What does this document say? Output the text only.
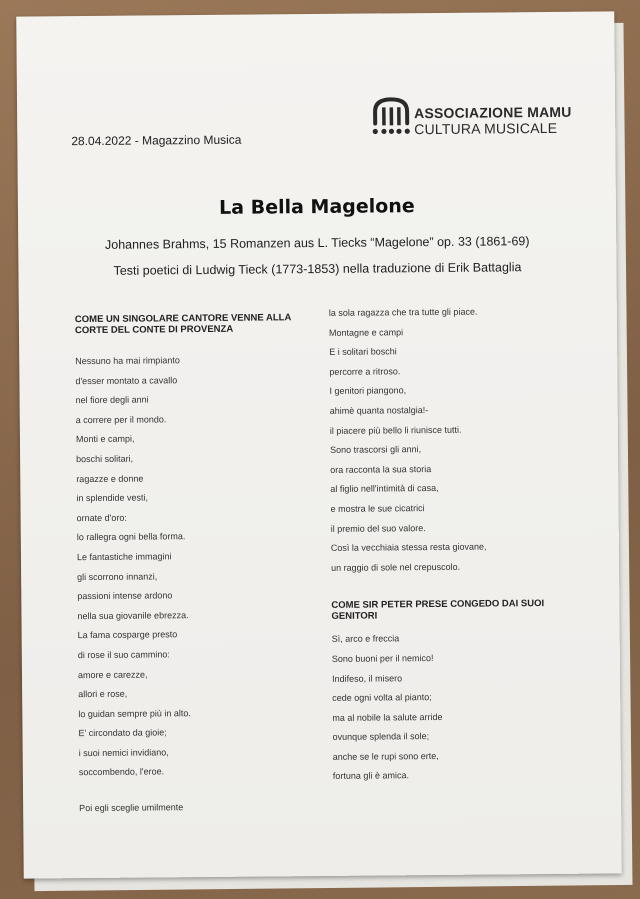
ASSOCIAZIONE MAMU
CULTURA MUSICALE
28.04.2022 - Magazzino Musica
La Bella Magelone

Johannes Brahms, 15 Romanzen aus L. Tiecks “Magelone” op. 33 (1861-69)

Testi poetici di Ludwig Tieck (1773-1853) nella traduzione di Erik Battaglia

COME UN SINGOLARE CANTORE VENNE ALLA CORTE DEL CONTE DI PROVENZA
Nessuno ha mai rimpianto
d'esser montato a cavallo
nel fiore degli anni
a correre per il mondo.
Monti e campi,
boschi solitari,
ragazze e donne
in splendide vesti,
ornate d'oro:
lo rallegra ogni bella forma.
Le fantastiche immagini
gli scorrono innanzi,
passioni intense ardono
nella sua giovanile ebrezza.
La fama cosparge presto
di rose il suo cammino:
amore e carezze,
allori e rose,
lo guidan sempre più in alto.
E' circondato da gioie;
i suoi nemici invidiano,
soccombendo, l'eroe.
Poi egli sceglie umilmente
la sola ragazza che tra tutte gli piace.
Montagne e campi
E i solitari boschi
percorre a ritroso.
I genitori piangono,
ahimè quanta nostalgia!-
il piacere più bello li riunisce tutti.
Sono trascorsi gli anni,
ora racconta la sua storia
al figlio nell'intimità di casa,
e mostra le sue cicatrici
il premio del suo valore.
Così la vecchiaia stessa resta giovane,
un raggio di sole nel crepuscolo.
COME SIR PETER PRESE CONGEDO DAI SUOI GENITORI
Sì, arco e freccia
Sono buoni per il nemico!
Indifeso, il misero
cede ogni volta al pianto;
ma al nobile la salute arride
ovunque splenda il sole;
anche se le rupi sono erte,
fortuna gli è amica.
